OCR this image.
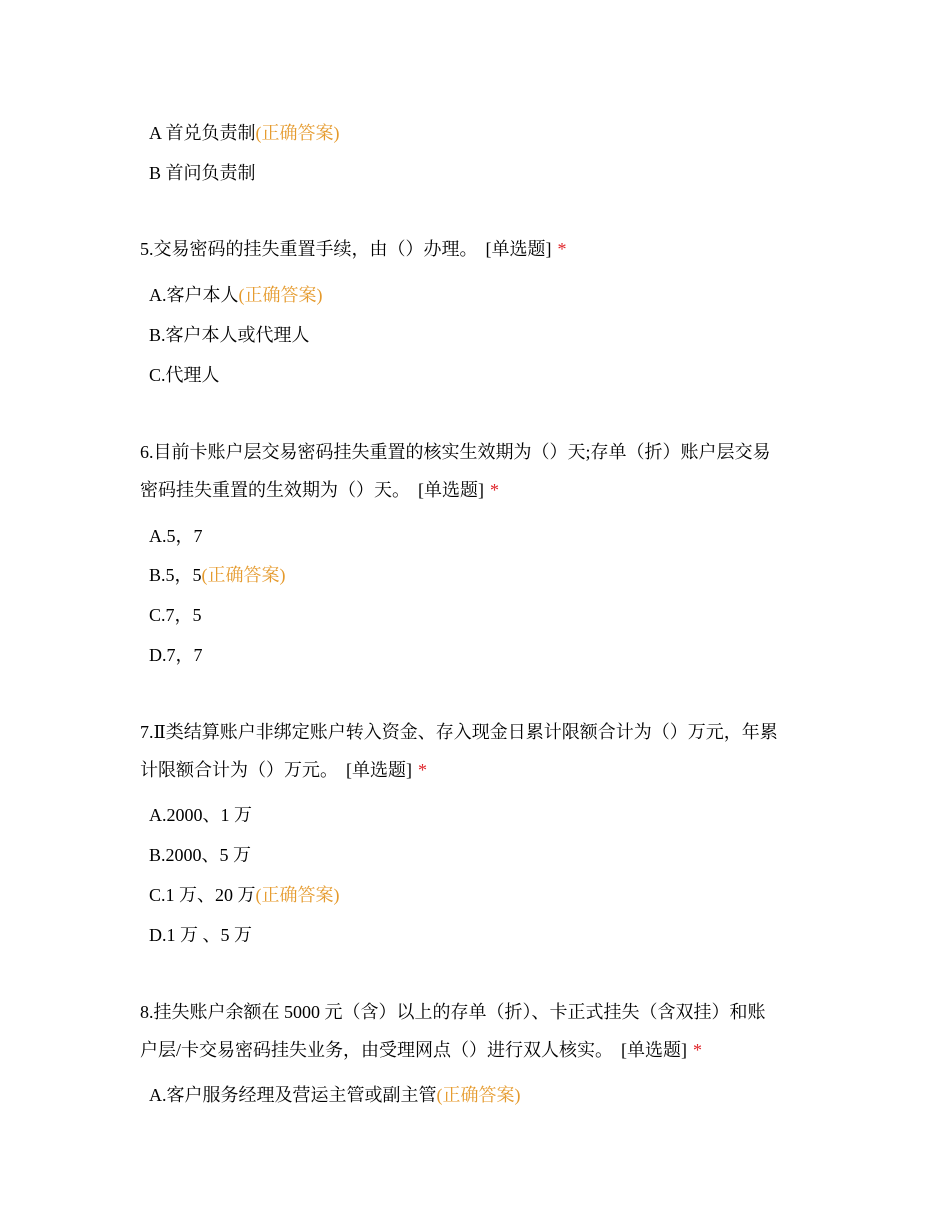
A 首兑负责制(正确答案)
B 首问负责制
5.交易密码的挂失重置手续，由（）办理。 [单选题] *
A.客户本人(正确答案)
B.客户本人或代理人
C.代理人
6.目前卡账户层交易密码挂失重置的核实生效期为（）天;存单（折）账户层交易
密码挂失重置的生效期为（）天。 [单选题] *
A.5，7
B.5，5(正确答案)
C.7，5
D.7，7
7.Ⅱ类结算账户非绑定账户转入资金、存入现金日累计限额合计为（）万元，年累
计限额合计为（）万元。 [单选题] *
A.2000、1 万
B.2000、5 万
C.1 万、20 万(正确答案)
D.1 万 、5 万
8.挂失账户余额在 5000 元（含）以上的存单（折）、卡正式挂失（含双挂）和账
户层/卡交易密码挂失业务，由受理网点（）进行双人核实。 [单选题] *
A.客户服务经理及营运主管或副主管(正确答案)
